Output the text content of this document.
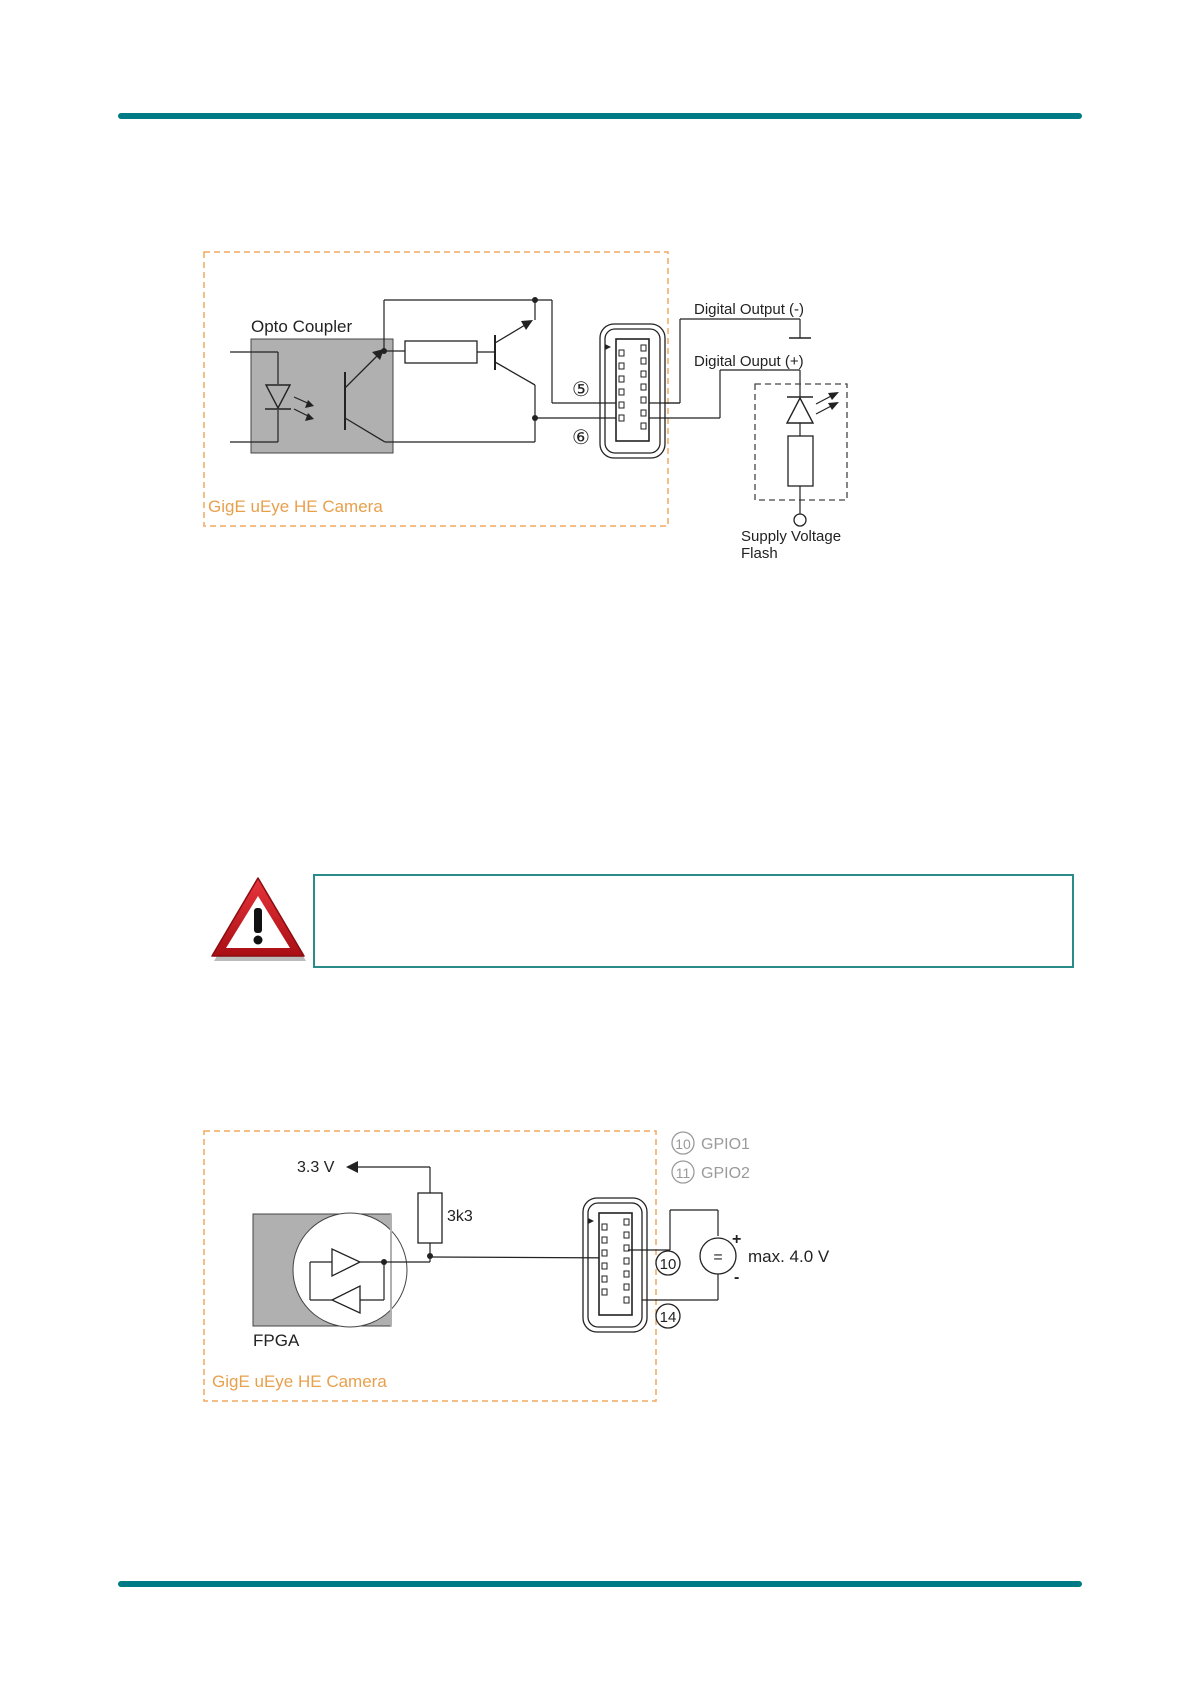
GigE uEye HE Camera
Opto Coupler
⑤
⑥
Digital Output (-)
Digital Ouput (+)
Supply Voltage
Flash
GigE uEye HE Camera
10 GPIO1
11 GPIO2
3.3 V
3k3
FPGA
=
+
-
max. 4.0 V
10
14
